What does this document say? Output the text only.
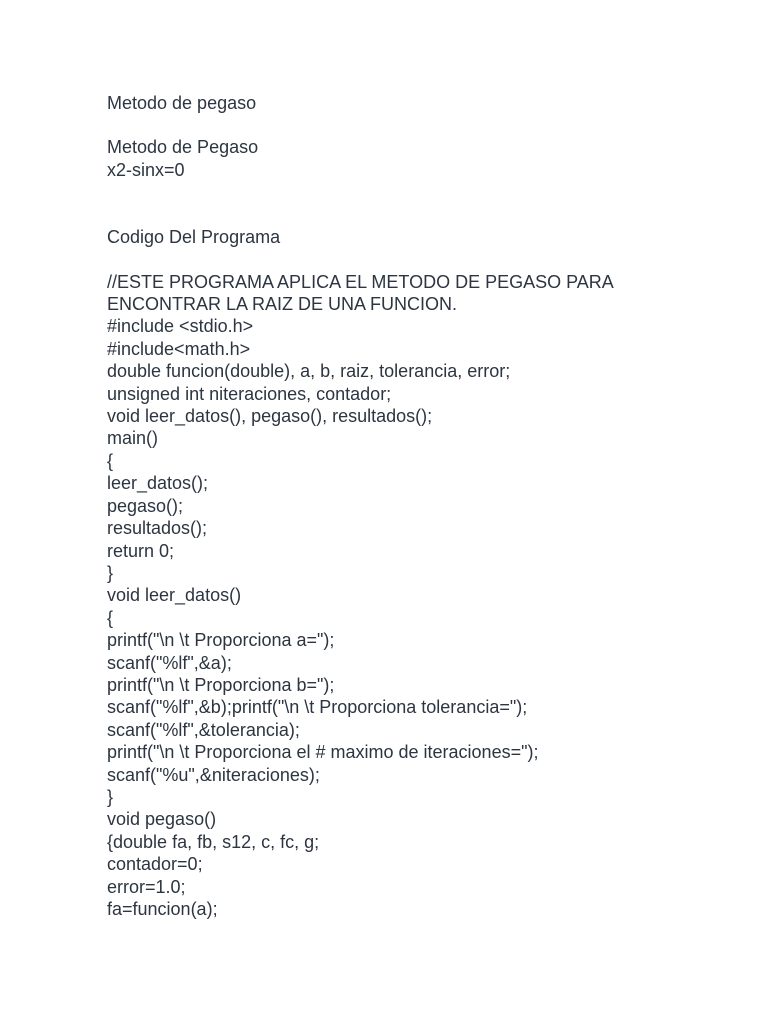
Metodo de pegaso

Metodo de Pegaso

x2-sinx=0

Codigo Del Programa

//ESTE PROGRAMA APLICA EL METODO DE PEGASO PARA

ENCONTRAR LA RAIZ DE UNA FUNCION.

#include <stdio.h>

#include<math.h>

double funcion(double), a, b, raiz, tolerancia, error;

unsigned int niteraciones, contador;

void leer_datos(), pegaso(), resultados();

main()

{

leer_datos();

pegaso();

resultados();

return 0;

}

void leer_datos()

{

printf("\n \t Proporciona a=");

scanf("%lf",&a);

printf("\n \t Proporciona b=");

scanf("%lf",&b);printf("\n \t Proporciona tolerancia=");

scanf("%lf",&tolerancia);

printf("\n \t Proporciona el # maximo de iteraciones=");

scanf("%u",&niteraciones);

}

void pegaso()

{double fa, fb, s12, c, fc, g;

contador=0;

error=1.0;

fa=funcion(a);
